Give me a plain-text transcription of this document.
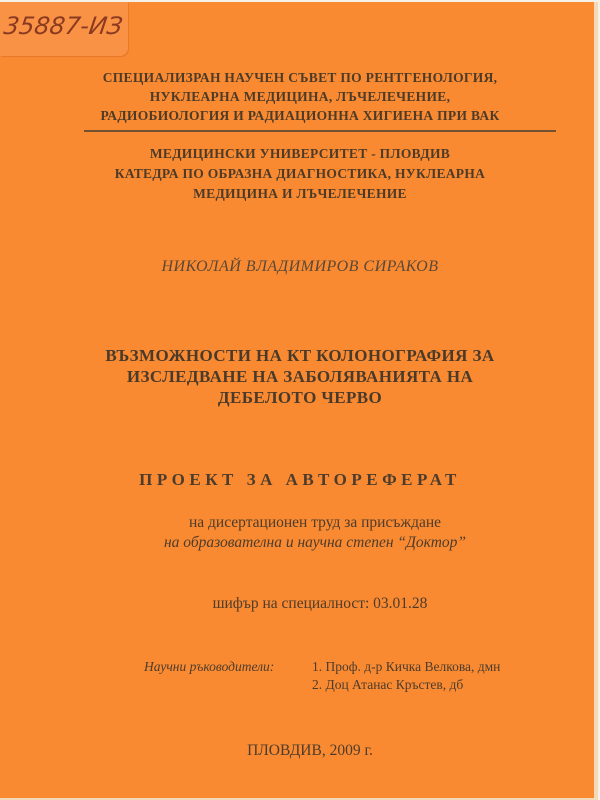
35887-ИЗ
СПЕЦИАЛИЗРАН НАУЧЕН СЪВЕТ ПО РЕНТГЕНОЛОГИЯ,
НУКЛЕАРНА МЕДИЦИНА, ЛЪЧЕЛЕЧЕНИЕ,
РАДИОБИОЛОГИЯ И РАДИАЦИОННА ХИГИЕНА ПРИ ВАК
МЕДИЦИНСКИ УНИВЕРСИТЕТ - ПЛОВДИВ
КАТЕДРА ПО ОБРАЗНА ДИАГНОСТИКА, НУКЛЕАРНА
МЕДИЦИНА И ЛЪЧЕЛЕЧЕНИЕ
НИКОЛАЙ ВЛАДИМИРОВ СИРАКОВ
ВЪЗМОЖНОСТИ НА КТ КОЛОНОГРАФИЯ ЗА
ИЗСЛЕДВАНЕ НА ЗАБОЛЯВАНИЯТА НА
ДЕБЕЛОТО ЧЕРВО
ПРОЕКТ ЗА АВТОРЕФЕРАТ
на дисертационен труд за присъждане
на образователна и научна степен “Доктор”
шифър на специалност: 03.01.28
Научни ръководители:	1. Проф. д-р Кичка Велкова, дмн
2. Доц Атанас Кръстев, дб
ПЛОВДИВ, 2009 г.
